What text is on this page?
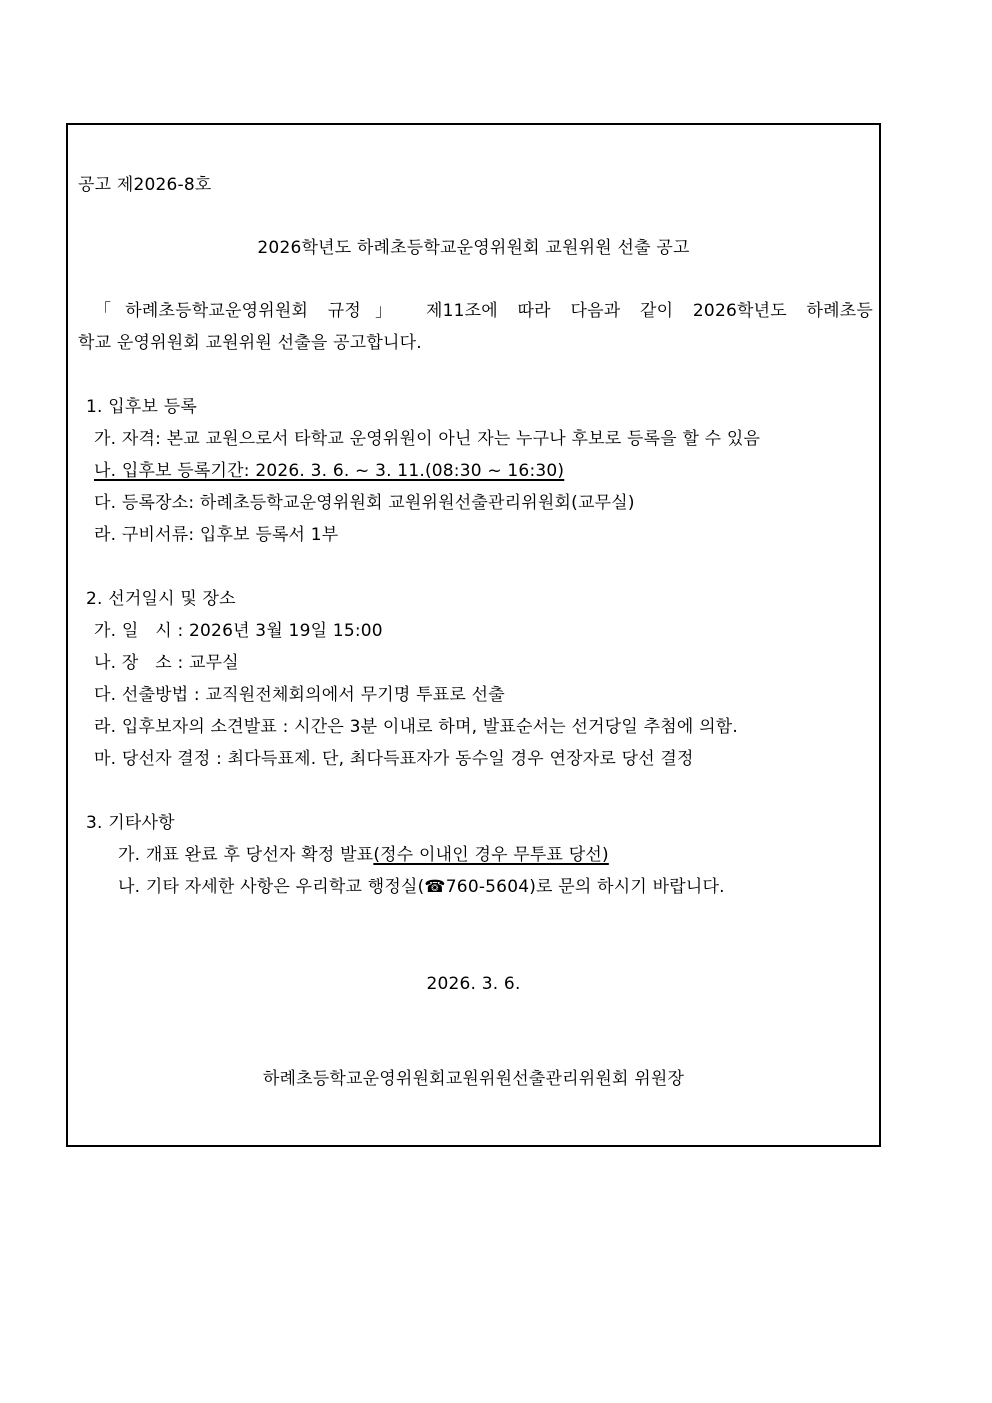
공고 제2026-8호
2026학년도 하례초등학교운영위원회 교원위원 선출 공고
「하례초등학교운영위원회 규정」 제11조에 따라 다음과 같이 2026학년도 하례초등
학교 운영위원회 교원위원 선출을 공고합니다.
1. 입후보 등록
가. 자격: 본교 교원으로서 타학교 운영위원이 아닌 자는 누구나 후보로 등록을 할 수 있음
나. 입후보 등록기간: 2026. 3. 6. ~ 3. 11.(08:30 ~ 16:30)
다. 등록장소: 하례초등학교운영위원회 교원위원선출관리위원회(교무실)
라. 구비서류: 입후보 등록서 1부
2. 선거일시 및 장소
가. 일   시 : 2026년 3월 19일 15:00
나. 장   소 : 교무실
다. 선출방법 : 교직원전체회의에서 무기명 투표로 선출
라. 입후보자의 소견발표 : 시간은 3분 이내로 하며, 발표순서는 선거당일 추첨에 의함.
마. 당선자 결정 : 최다득표제. 단, 최다득표자가 동수일 경우 연장자로 당선 결정
3. 기타사항
가. 개표 완료 후 당선자 확정 발표(정수 이내인 경우 무투표 당선)
나. 기타 자세한 사항은 우리학교 행정실(☎760-5604)로 문의 하시기 바랍니다.
2026. 3. 6.
하례초등학교운영위원회교원위원선출관리위원회 위원장
